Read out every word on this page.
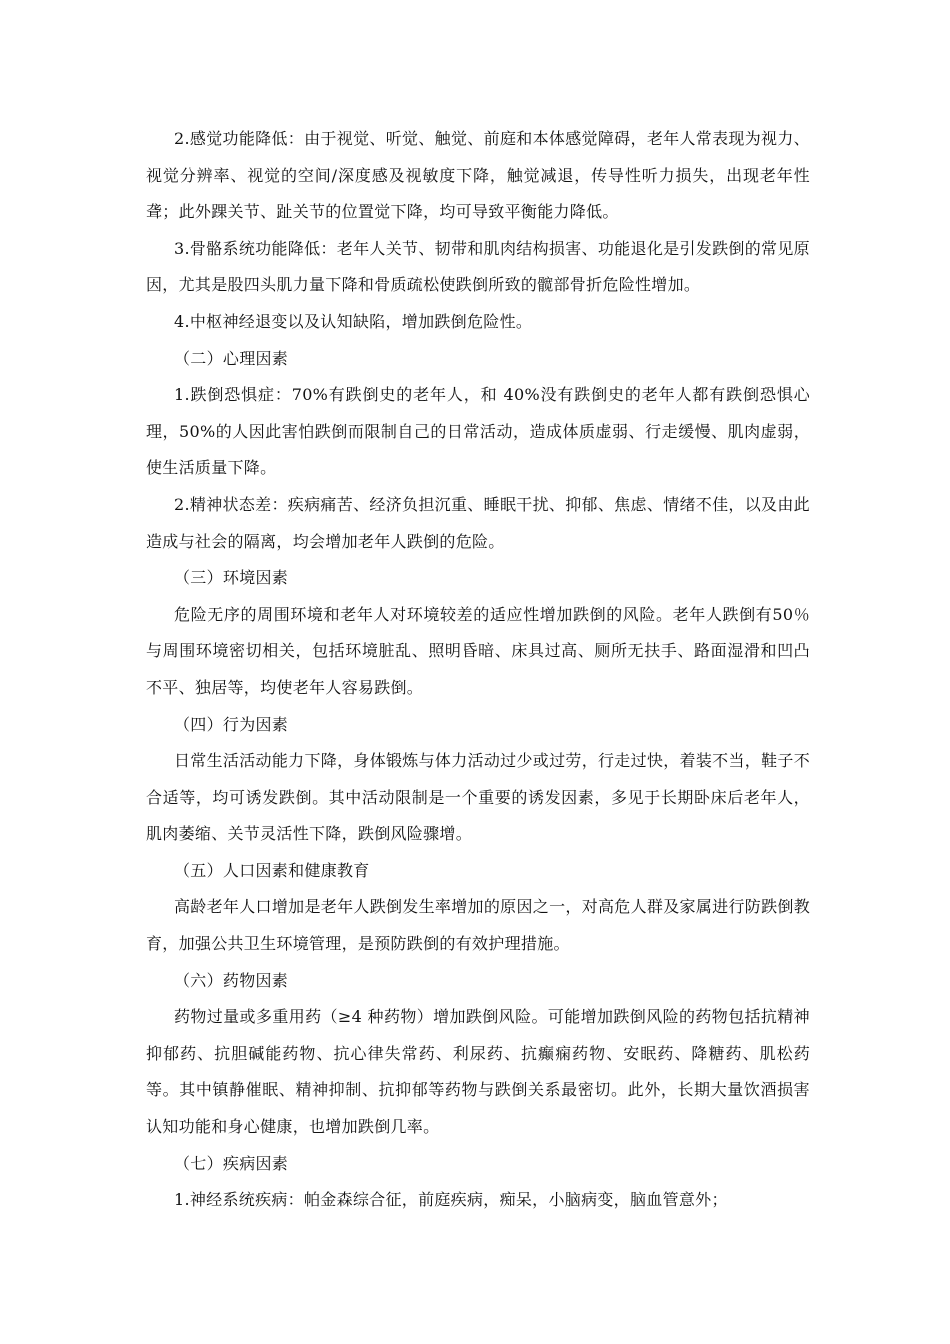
2.感觉功能降低：由于视觉、听觉、触觉、前庭和本体感觉障碍，老年人常表现为视力、视觉分辨率、视觉的空间/深度感及视敏度下降，触觉减退，传导性听力损失，出现老年性聋；此外踝关节、趾关节的位置觉下降，均可导致平衡能力降低。

3.骨骼系统功能降低：老年人关节、韧带和肌肉结构损害、功能退化是引发跌倒的常见原因，尤其是股四头肌力量下降和骨质疏松使跌倒所致的髋部骨折危险性增加。

4.中枢神经退变以及认知缺陷，增加跌倒危险性。

（二）心理因素

1.跌倒恐惧症：70%有跌倒史的老年人，和 40%没有跌倒史的老年人都有跌倒恐惧心理，50%的人因此害怕跌倒而限制自己的日常活动，造成体质虚弱、行走缓慢、肌肉虚弱，使生活质量下降。

2.精神状态差：疾病痛苦、经济负担沉重、睡眠干扰、抑郁、焦虑、情绪不佳，以及由此造成与社会的隔离，均会增加老年人跌倒的危险。

（三）环境因素

危险无序的周围环境和老年人对环境较差的适应性增加跌倒的风险。老年人跌倒有50％与周围环境密切相关，包括环境脏乱、照明昏暗、床具过高、厕所无扶手、路面湿滑和凹凸不平、独居等，均使老年人容易跌倒。

（四）行为因素

日常生活活动能力下降，身体锻炼与体力活动过少或过劳，行走过快，着装不当，鞋子不合适等，均可诱发跌倒。其中活动限制是一个重要的诱发因素，多见于长期卧床后老年人，肌肉萎缩、关节灵活性下降，跌倒风险骤增。

（五）人口因素和健康教育

高龄老年人口增加是老年人跌倒发生率增加的原因之一，对高危人群及家属进行防跌倒教育，加强公共卫生环境管理，是预防跌倒的有效护理措施。

（六）药物因素

药物过量或多重用药（≥4 种药物）增加跌倒风险。可能增加跌倒风险的药物包括抗精神抑郁药、抗胆碱能药物、抗心律失常药、利尿药、抗癫痫药物、安眠药、降糖药、肌松药等。其中镇静催眠、精神抑制、抗抑郁等药物与跌倒关系最密切。此外，长期大量饮酒损害认知功能和身心健康，也增加跌倒几率。

（七）疾病因素

1.神经系统疾病：帕金森综合征，前庭疾病，痴呆，小脑病变，脑血管意外；
